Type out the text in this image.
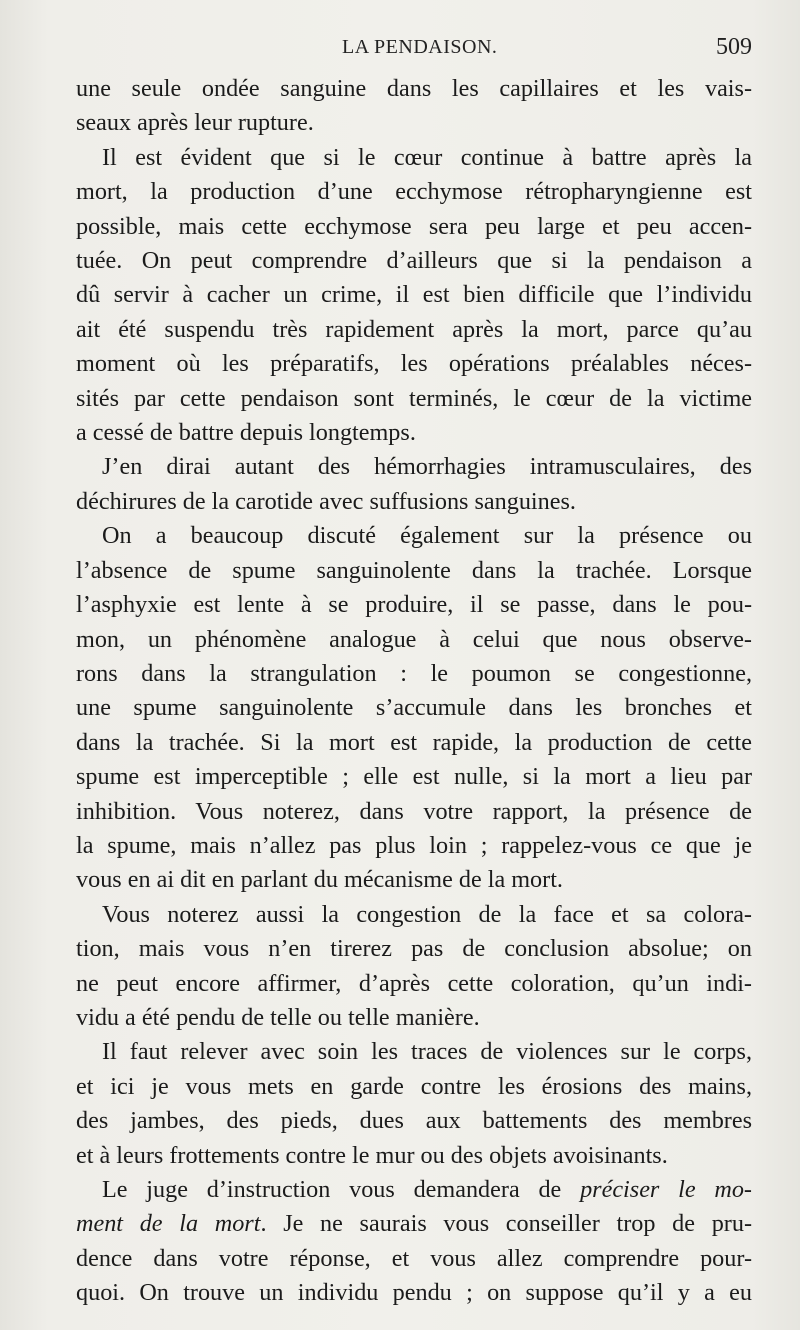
LA PENDAISON.	509

une seule ondée sanguine dans les capillaires et les vais-
seaux après leur rupture.

Il est évident que si le cœur continue à battre après la
mort, la production d’une ecchymose rétropharyngienne est
possible, mais cette ecchymose sera peu large et peu accen-
tuée. On peut comprendre d’ailleurs que si la pendaison a
dû servir à cacher un crime, il est bien difficile que l’individu
ait été suspendu très rapidement après la mort, parce qu’au
moment où les préparatifs, les opérations préalables néces-
sités par cette pendaison sont terminés, le cœur de la victime
a cessé de battre depuis longtemps.

J’en dirai autant des hémorrhagies intramusculaires, des
déchirures de la carotide avec suffusions sanguines.

On a beaucoup discuté également sur la présence ou
l’absence de spume sanguinolente dans la trachée. Lorsque
l’asphyxie est lente à se produire, il se passe, dans le pou-
mon, un phénomène analogue à celui que nous observe-
rons dans la strangulation : le poumon se congestionne,
une spume sanguinolente s’accumule dans les bronches et
dans la trachée. Si la mort est rapide, la production de cette
spume est imperceptible ; elle est nulle, si la mort a lieu par
inhibition. Vous noterez, dans votre rapport, la présence de
la spume, mais n’allez pas plus loin ; rappelez-vous ce que je
vous en ai dit en parlant du mécanisme de la mort.

Vous noterez aussi la congestion de la face et sa colora-
tion, mais vous n’en tirerez pas de conclusion absolue; on
ne peut encore affirmer, d’après cette coloration, qu’un indi-
vidu a été pendu de telle ou telle manière.

Il faut relever avec soin les traces de violences sur le corps,
et ici je vous mets en garde contre les érosions des mains,
des jambes, des pieds, dues aux battements des membres
et à leurs frottements contre le mur ou des objets avoisinants.

Le juge d’instruction vous demandera de préciser le mo-
ment de la mort. Je ne saurais vous conseiller trop de pru-
dence dans votre réponse, et vous allez comprendre pour-
quoi. On trouve un individu pendu ; on suppose qu’il y a eu
